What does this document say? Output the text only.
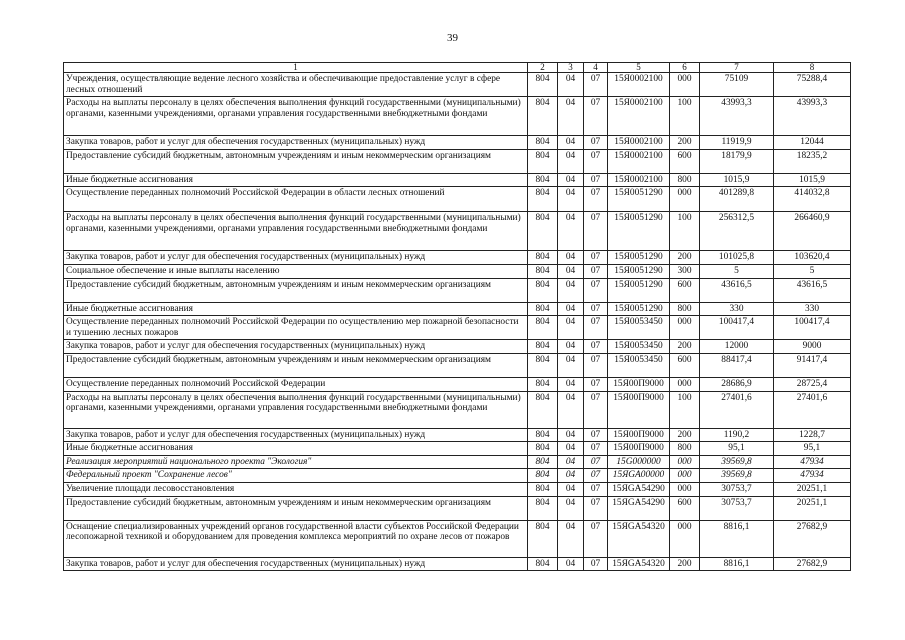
39
1	2	3	4	5	6	7	8
Учреждения, осуществляющие ведение лесного хозяйства и обеспечивающие предоставление услуг в сфере лесных отношений	804	04	07	15Я0002100	000	75109	75288,4
Расходы на выплаты персоналу в целях обеспечения выполнения функций государственными (муниципальными) органами, казенными учреждениями, органами управления государственными внебюджетными фондами	804	04	07	15Я0002100	100	43993,3	43993,3
Закупка товаров, работ и услуг для обеспечения государственных (муниципальных) нужд	804	04	07	15Я0002100	200	11919,9	12044
Предоставление субсидий бюджетным, автономным учреждениям и иным некоммерческим организациям	804	04	07	15Я0002100	600	18179,9	18235,2
Иные бюджетные ассигнования	804	04	07	15Я0002100	800	1015,9	1015,9
Осуществление переданных полномочий Российской Федерации в области лесных отношений	804	04	07	15Я0051290	000	401289,8	414032,8
Расходы на выплаты персоналу в целях обеспечения выполнения функций государственными (муниципальными) органами, казенными учреждениями, органами управления государственными внебюджетными фондами	804	04	07	15Я0051290	100	256312,5	266460,9
Закупка товаров, работ и услуг для обеспечения государственных (муниципальных) нужд	804	04	07	15Я0051290	200	101025,8	103620,4
Социальное обеспечение и иные выплаты населению	804	04	07	15Я0051290	300	5	5
Предоставление субсидий бюджетным, автономным учреждениям и иным некоммерческим организациям	804	04	07	15Я0051290	600	43616,5	43616,5
Иные бюджетные ассигнования	804	04	07	15Я0051290	800	330	330
Осуществление переданных полномочий Российской Федерации по осуществлению мер пожарной безопасности и тушению лесных пожаров	804	04	07	15Я0053450	000	100417,4	100417,4
Закупка товаров, работ и услуг для обеспечения государственных (муниципальных) нужд	804	04	07	15Я0053450	200	12000	9000
Предоставление субсидий бюджетным, автономным учреждениям и иным некоммерческим организациям	804	04	07	15Я0053450	600	88417,4	91417,4
Осуществление переданных полномочий Российской Федерации	804	04	07	15Я00П9000	000	28686,9	28725,4
Расходы на выплаты персоналу в целях обеспечения выполнения функций государственными (муниципальными) органами, казенными учреждениями, органами управления государственными внебюджетными фондами	804	04	07	15Я00П9000	100	27401,6	27401,6
Закупка товаров, работ и услуг для обеспечения государственных (муниципальных) нужд	804	04	07	15Я00П9000	200	1190,2	1228,7
Иные бюджетные ассигнования	804	04	07	15Я00П9000	800	95,1	95,1
Реализация мероприятий национального проекта "Экология"	804	04	07	15G000000	000	39569,8	47934
Федеральный проект "Сохранение лесов"	804	04	07	15ЯGA00000	000	39569,8	47934
Увеличение площади лесовосстановления	804	04	07	15ЯGA54290	000	30753,7	20251,1
Предоставление субсидий бюджетным, автономным учреждениям и иным некоммерческим организациям	804	04	07	15ЯGA54290	600	30753,7	20251,1
Оснащение специализированных учреждений органов государственной власти субъектов Российской Федерации лесопожарной техникой и оборудованием для проведения комплекса мероприятий по охране лесов от пожаров	804	04	07	15ЯGA54320	000	8816,1	27682,9
Закупка товаров, работ и услуг для обеспечения государственных (муниципальных) нужд	804	04	07	15ЯGA54320	200	8816,1	27682,9
